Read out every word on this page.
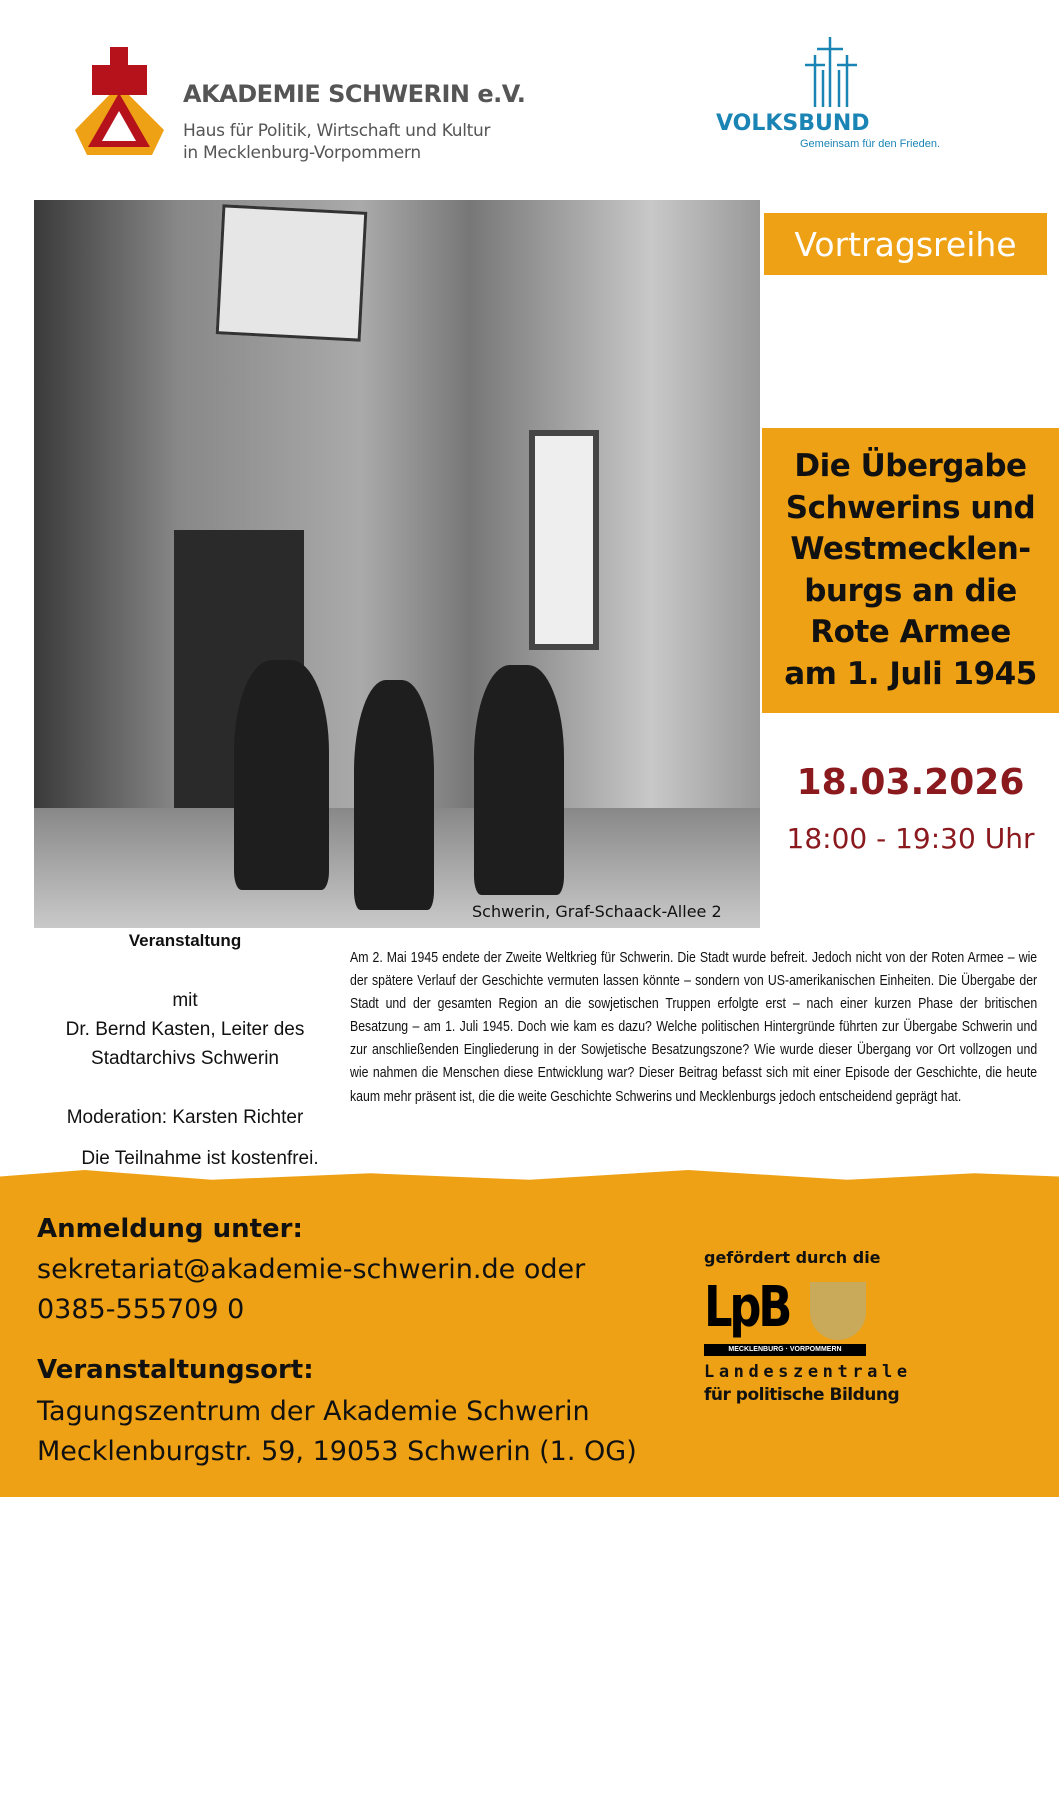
AKADEMIE SCHWERIN e.V.
Haus für Politik, Wirtschaft und Kultur
in Mecklenburg-Vorpommern
VOLKSBUND
Gemeinsam für den Frieden.
Schwerin, Graf-Schaack-Allee 2
Vortragsreihe
Die Übergabe
Schwerins und
Westmecklen-
burgs an die
Rote Armee
am 1. Juli 1945
18.03.2026
18:00 - 19:30 Uhr
Veranstaltung
mit
Dr. Bernd Kasten, Leiter des
Stadtarchivs Schwerin
Moderation: Karsten Richter
Die Teilnahme ist kostenfrei.
Am 2. Mai 1945 endete der Zweite Weltkrieg für Schwerin. Die Stadt wurde befreit. Jedoch nicht von der Roten Armee – wie der spätere Verlauf der Geschichte vermuten lassen könnte – sondern von US-amerikanischen Einheiten. Die Übergabe der Stadt und der gesamten Region an die sowjetischen Truppen erfolgte erst – nach einer kurzen Phase der britischen Besatzung – am 1. Juli 1945. Doch wie kam es dazu? Welche politischen Hintergründe führten zur Übergabe Schwerin und zur anschließenden Eingliederung in der Sowjetische Besatzungszone? Wie wurde dieser Übergang vor Ort vollzogen und wie nahmen die Menschen diese Entwicklung war? Dieser Beitrag befasst sich mit einer Episode der Geschichte, die heute kaum mehr präsent ist, die die weite Geschichte Schwerins und Mecklenburgs jedoch entscheidend geprägt hat.
Anmeldung unter:
sekretariat@akademie-schwerin.de oder
0385-555709 0
Veranstaltungsort:
Tagungszentrum der Akademie Schwerin
Mecklenburgstr. 59, 19053 Schwerin (1. OG)
gefördert durch die
LpB
MECKLENBURG · VORPOMMERN
Landeszentrale
für politische Bildung
